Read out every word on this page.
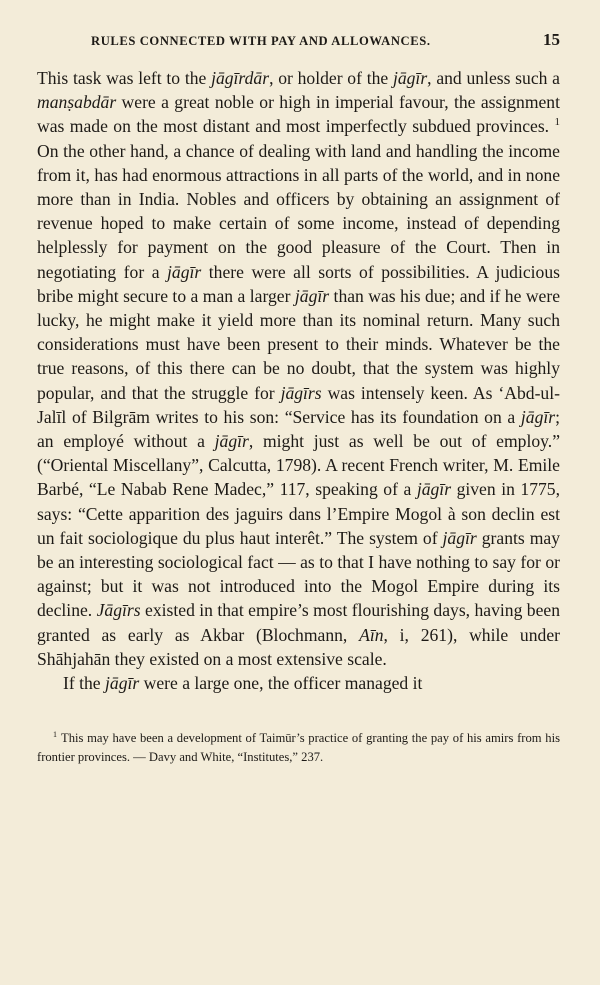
RULES CONNECTED WITH PAY AND ALLOWANCES.	15

This task was left to the jāgīrdār, or holder of the jāgīr, and unless such a manṣabdār were a great noble or high in imperial favour, the assignment was made on the most distant and most imperfectly subdued provinces. $^1$ On the other hand, a chance of dealing with land and handling the income from it, has had enormous attractions in all parts of the world, and in none more than in India. Nobles and officers by obtaining an assignment of revenue hoped to make certain of some income, instead of depending helplessly for payment on the good pleasure of the Court. Then in negotiating for a jāgīr there were all sorts of possibilities. A judicious bribe might secure to a man a larger jāgīr than was his due; and if he were lucky, he might make it yield more than its nominal return. Many such considerations must have been present to their minds. Whatever be the true reasons, of this there can be no doubt, that the system was highly popular, and that the struggle for jāgīrs was intensely keen. As ‘Abd-ul-Jalīl of Bilgrām writes to his son: “Service has its foundation on a jāgīr; an employé without a jāgīr, might just as well be out of employ.” (“Oriental Miscellany”, Calcutta, 1798). A recent French writer, M. Emile Barbé, “Le Nabab Rene Madec,” 117, speaking of a jāgīr given in 1775, says: “Cette apparition des jaguirs dans l’Empire Mogol à son declin est un fait sociologique du plus haut interêt.” The system of jāgīr grants may be an interesting sociological fact — as to that I have nothing to say for or against; but it was not introduced into the Mogol Empire during its decline. Jāgīrs existed in that empire’s most flourishing days, having been granted as early as Akbar (Blochmann, Aīn, i, 261), while under Shāhjahān they existed on a most extensive scale.

If the jāgīr were a large one, the officer managed it

$^1$ This may have been a development of Taimūr’s practice of granting the pay of his amirs from his frontier provinces. — Davy and White, “Institutes,” 237.
